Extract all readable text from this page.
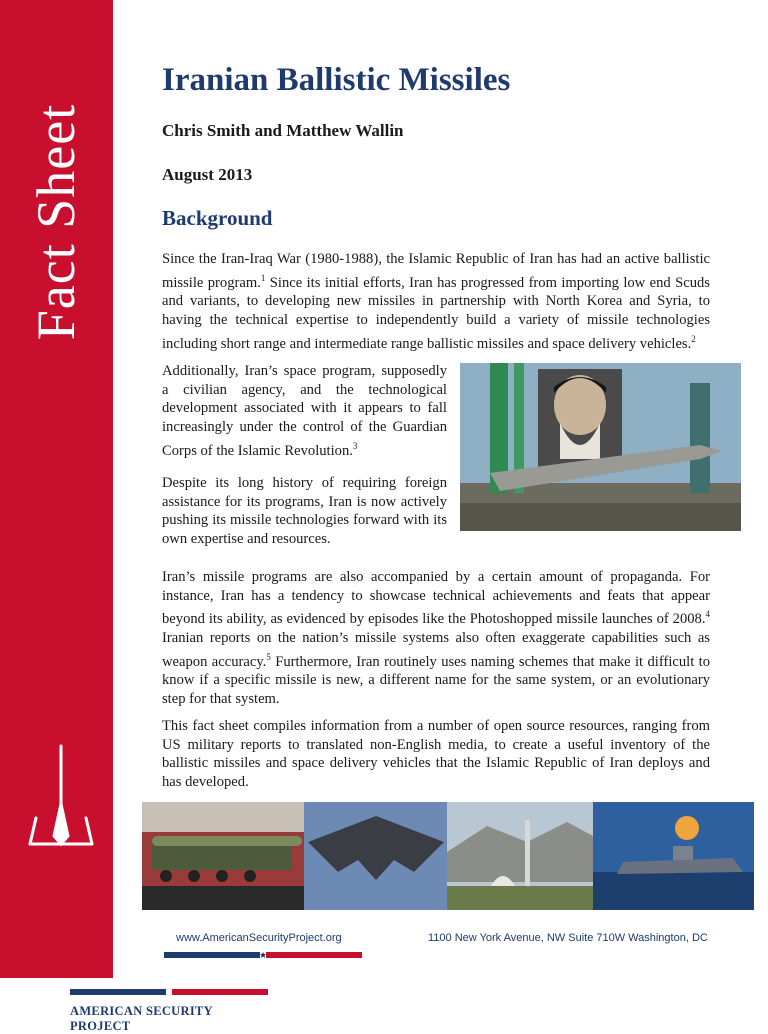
Fact Sheet
Iranian Ballistic Missiles
Chris Smith and Matthew Wallin
August 2013
Background

Since the Iran-Iraq War (1980-1988), the Islamic Republic of Iran has had an active ballistic missile program.$^1$ Since its initial efforts, Iran has progressed from importing low end Scuds and variants, to developing new missiles in partnership with North Korea and Syria, to having the technical expertise to independently build a variety of missile technologies including short range and intermediate range ballistic missiles and space delivery vehicles.$^2$

Additionally, Iran’s space program, supposedly a civilian agency, and the technological development associated with it appears to fall increasingly under the control of the Guardian Corps of the Islamic Revolution.$^3$

Despite its long history of requiring foreign assistance for its programs, Iran is now actively pushing its missile technologies forward with its own expertise and resources.

Iran’s missile programs are also accompanied by a certain amount of propaganda. For instance, Iran has a tendency to showcase technical achievements and feats that appear beyond its ability, as evidenced by episodes like the Photoshopped missile launches of 2008.$^4$ Iranian reports on the nation’s missile systems also often exaggerate capabilities such as weapon accuracy.$^5$ Furthermore, Iran routinely uses naming schemes that make it difficult to know if a specific missile is new, a different name for the same system, or an evolutionary step for that system.

This fact sheet compiles information from a number of open source resources, ranging from US military reports to translated non-English media, to create a useful inventory of the ballistic missiles and space delivery vehicles that the Islamic Republic of Iran deploys and has developed.

www.AmericanSecurityProject.org	1100 New York Avenue, NW Suite 710W Washington, DC
AMERICAN SECURITY PROJECT
